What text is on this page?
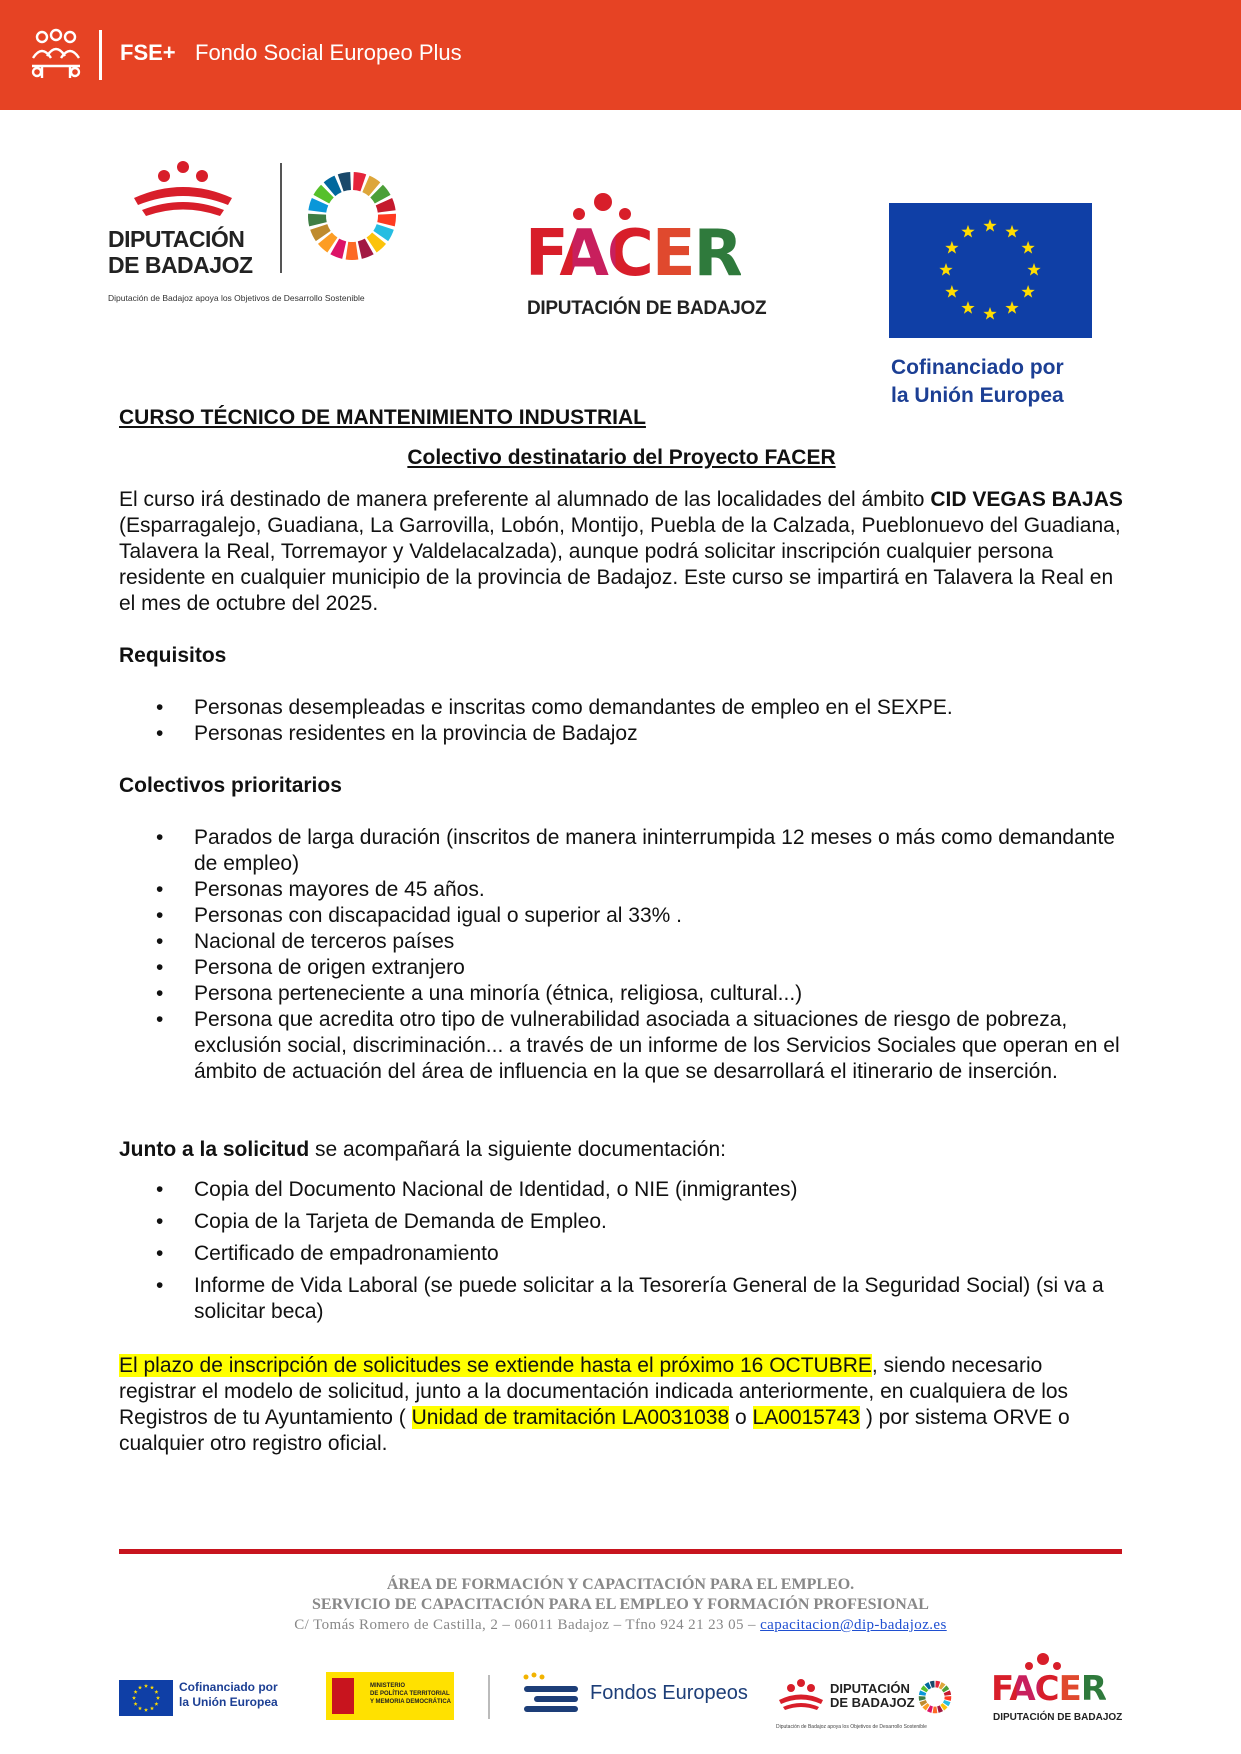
FSE+ Fondo Social Europeo Plus
DIPUTACIÓN
DE BADAJOZ
Diputación de Badajoz apoya los Objetivos de Desarrollo Sostenible
FACER
DIPUTACIÓN DE BADAJOZ
Cofinanciado por
la Unión Europea

CURSO TÉCNICO DE MANTENIMIENTO INDUSTRIAL

Colectivo destinatario del Proyecto FACER

El curso irá destinado de manera preferente al alumnado de las localidades del ámbito CID VEGAS BAJAS (Esparragalejo, Guadiana, La Garrovilla, Lobón, Montijo, Puebla de la Calzada, Pueblonuevo del Guadiana, Talavera la Real, Torremayor y Valdelacalzada), aunque podrá solicitar inscripción cualquier persona residente en cualquier municipio de la provincia de Badajoz. Este curso se impartirá en Talavera la Real en el mes de octubre del 2025.

Requisitos

• Personas desempleadas e inscritas como demandantes de empleo en el SEXPE.
• Personas residentes en la provincia de Badajoz

Colectivos prioritarios

• Parados de larga duración (inscritos de manera ininterrumpida 12 meses o más como demandante de empleo)
• Personas mayores de 45 años.
• Personas con discapacidad igual o superior al 33% .
• Nacional de terceros países
• Persona de origen extranjero
• Persona perteneciente a una minoría (étnica, religiosa, cultural...)
• Persona que acredita otro tipo de vulnerabilidad asociada a situaciones de riesgo de pobreza, exclusión social, discriminación... a través de un informe de los Servicios Sociales que operan en el ámbito de actuación del área de influencia en la que se desarrollará el itinerario de inserción.

Junto a la solicitud se acompañará la siguiente documentación:

• Copia del Documento Nacional de Identidad, o NIE (inmigrantes)
• Copia de la Tarjeta de Demanda de Empleo.
• Certificado de empadronamiento
• Informe de Vida Laboral (se puede solicitar a la Tesorería General de la Seguridad Social) (si va a solicitar beca)

El plazo de inscripción de solicitudes se extiende hasta el próximo 16 OCTUBRE, siendo necesario registrar el modelo de solicitud, junto a la documentación indicada anteriormente, en cualquiera de los Registros de tu Ayuntamiento ( Unidad de tramitación LA0031038 o LA0015743 ) por sistema ORVE o cualquier otro registro oficial.

ÁREA DE FORMACIÓN Y CAPACITACIÓN PARA EL EMPLEO.
SERVICIO DE CAPACITACIÓN PARA EL EMPLEO Y FORMACIÓN PROFESIONAL
C/ Tomás Romero de Castilla, 2 – 06011 Badajoz – Tfno 924 21 23 05 – capacitacion@dip-badajoz.es
Cofinanciado por
la Unión Europea
MINISTERIO
DE POLÍTICA TERRITORIAL
Y MEMORIA DEMOCRÁTICA	Fondos Europeos	DIPUTACIÓN
DE BADAJOZ
Diputación de Badajoz apoya los Objetivos de Desarrollo Sostenible
FACER
DIPUTACIÓN DE BADAJOZ
